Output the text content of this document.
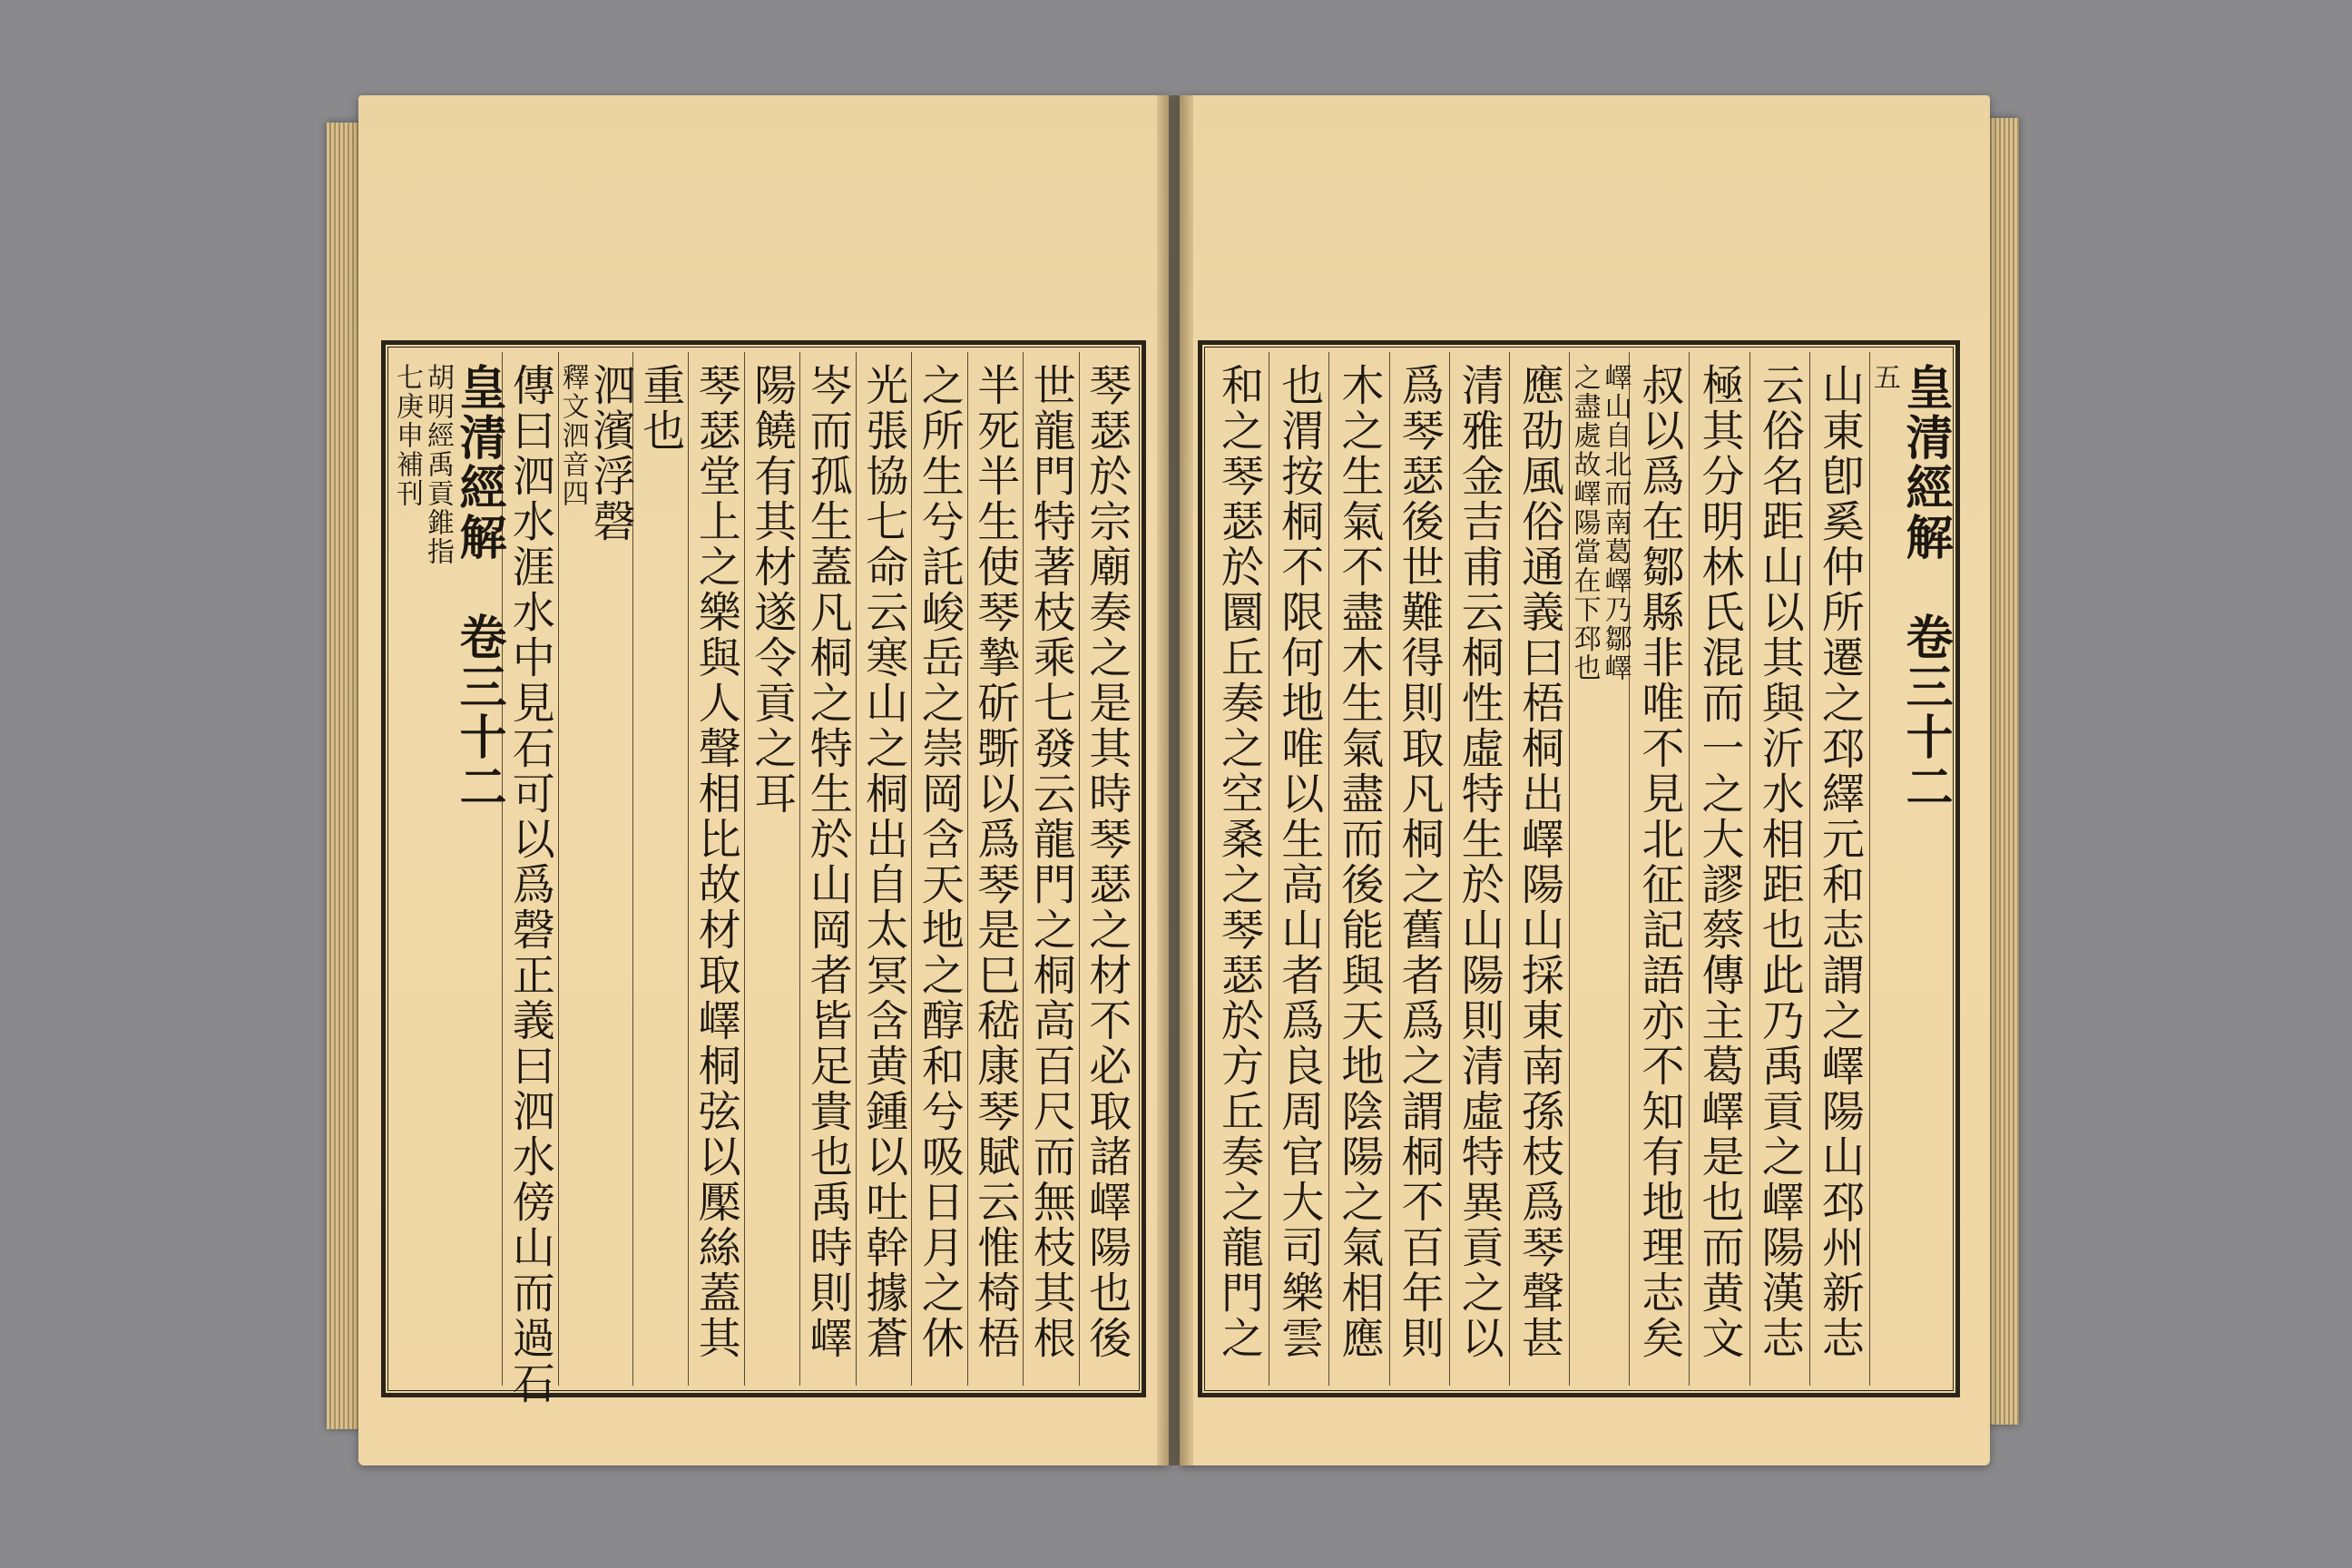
琴瑟於宗廟奏之是其時琴瑟之材不必取諸嶧陽也後
世龍門特著枝乘七發云龍門之桐高百尺而無枝其根
半死半生使琴摯斫斲以爲琴是巳嵇康琴賦云惟椅梧
之所生兮託峻岳之崇岡含天地之醇和兮吸日月之休
光張協七命云寒山之桐出自太冥含黄鍾以吐幹據蒼
岑而孤生蓋凡桐之特生於山岡者皆足貴也禹時則嶧
陽饒有其材遂令貢之耳
琴瑟堂上之樂與人聲相比故材取嶧桐弦以檿絲蓋其
重也
泗濱浮磬
釋文泗音四
傳曰泗水涯水中見石可以爲磬正義曰泗水傍山而過石
皇清經解　卷三十二
胡明經禹貢錐指
七庚申補刊	皇清經解　卷三十二
五
山東卽奚仲所遷之邳繹元和志謂之嶧陽山邳州新志
云俗名距山以其與沂水相距也此乃禹貢之嶧陽漢志
極其分明林氏混而一之大謬蔡傳主葛嶧是也而黄文
叔以爲在鄒縣非唯不見北征記語亦不知有地理志矣
嶧山自北而南葛嶧乃鄒嶧
之盡處故嶧陽當在下邳也
應劭風俗通義曰梧桐出嶧陽山採東南孫枝爲琴聲甚
清雅金吉甫云桐性虛特生於山陽則清虛特異貢之以
爲琴瑟後世難得則取凡桐之舊者爲之謂桐不百年則
木之生氣不盡木生氣盡而後能與天地陰陽之氣相應
也渭按桐不限何地唯以生高山者爲良周官大司樂雲
和之琴瑟於圜丘奏之空桑之琴瑟於方丘奏之龍門之
